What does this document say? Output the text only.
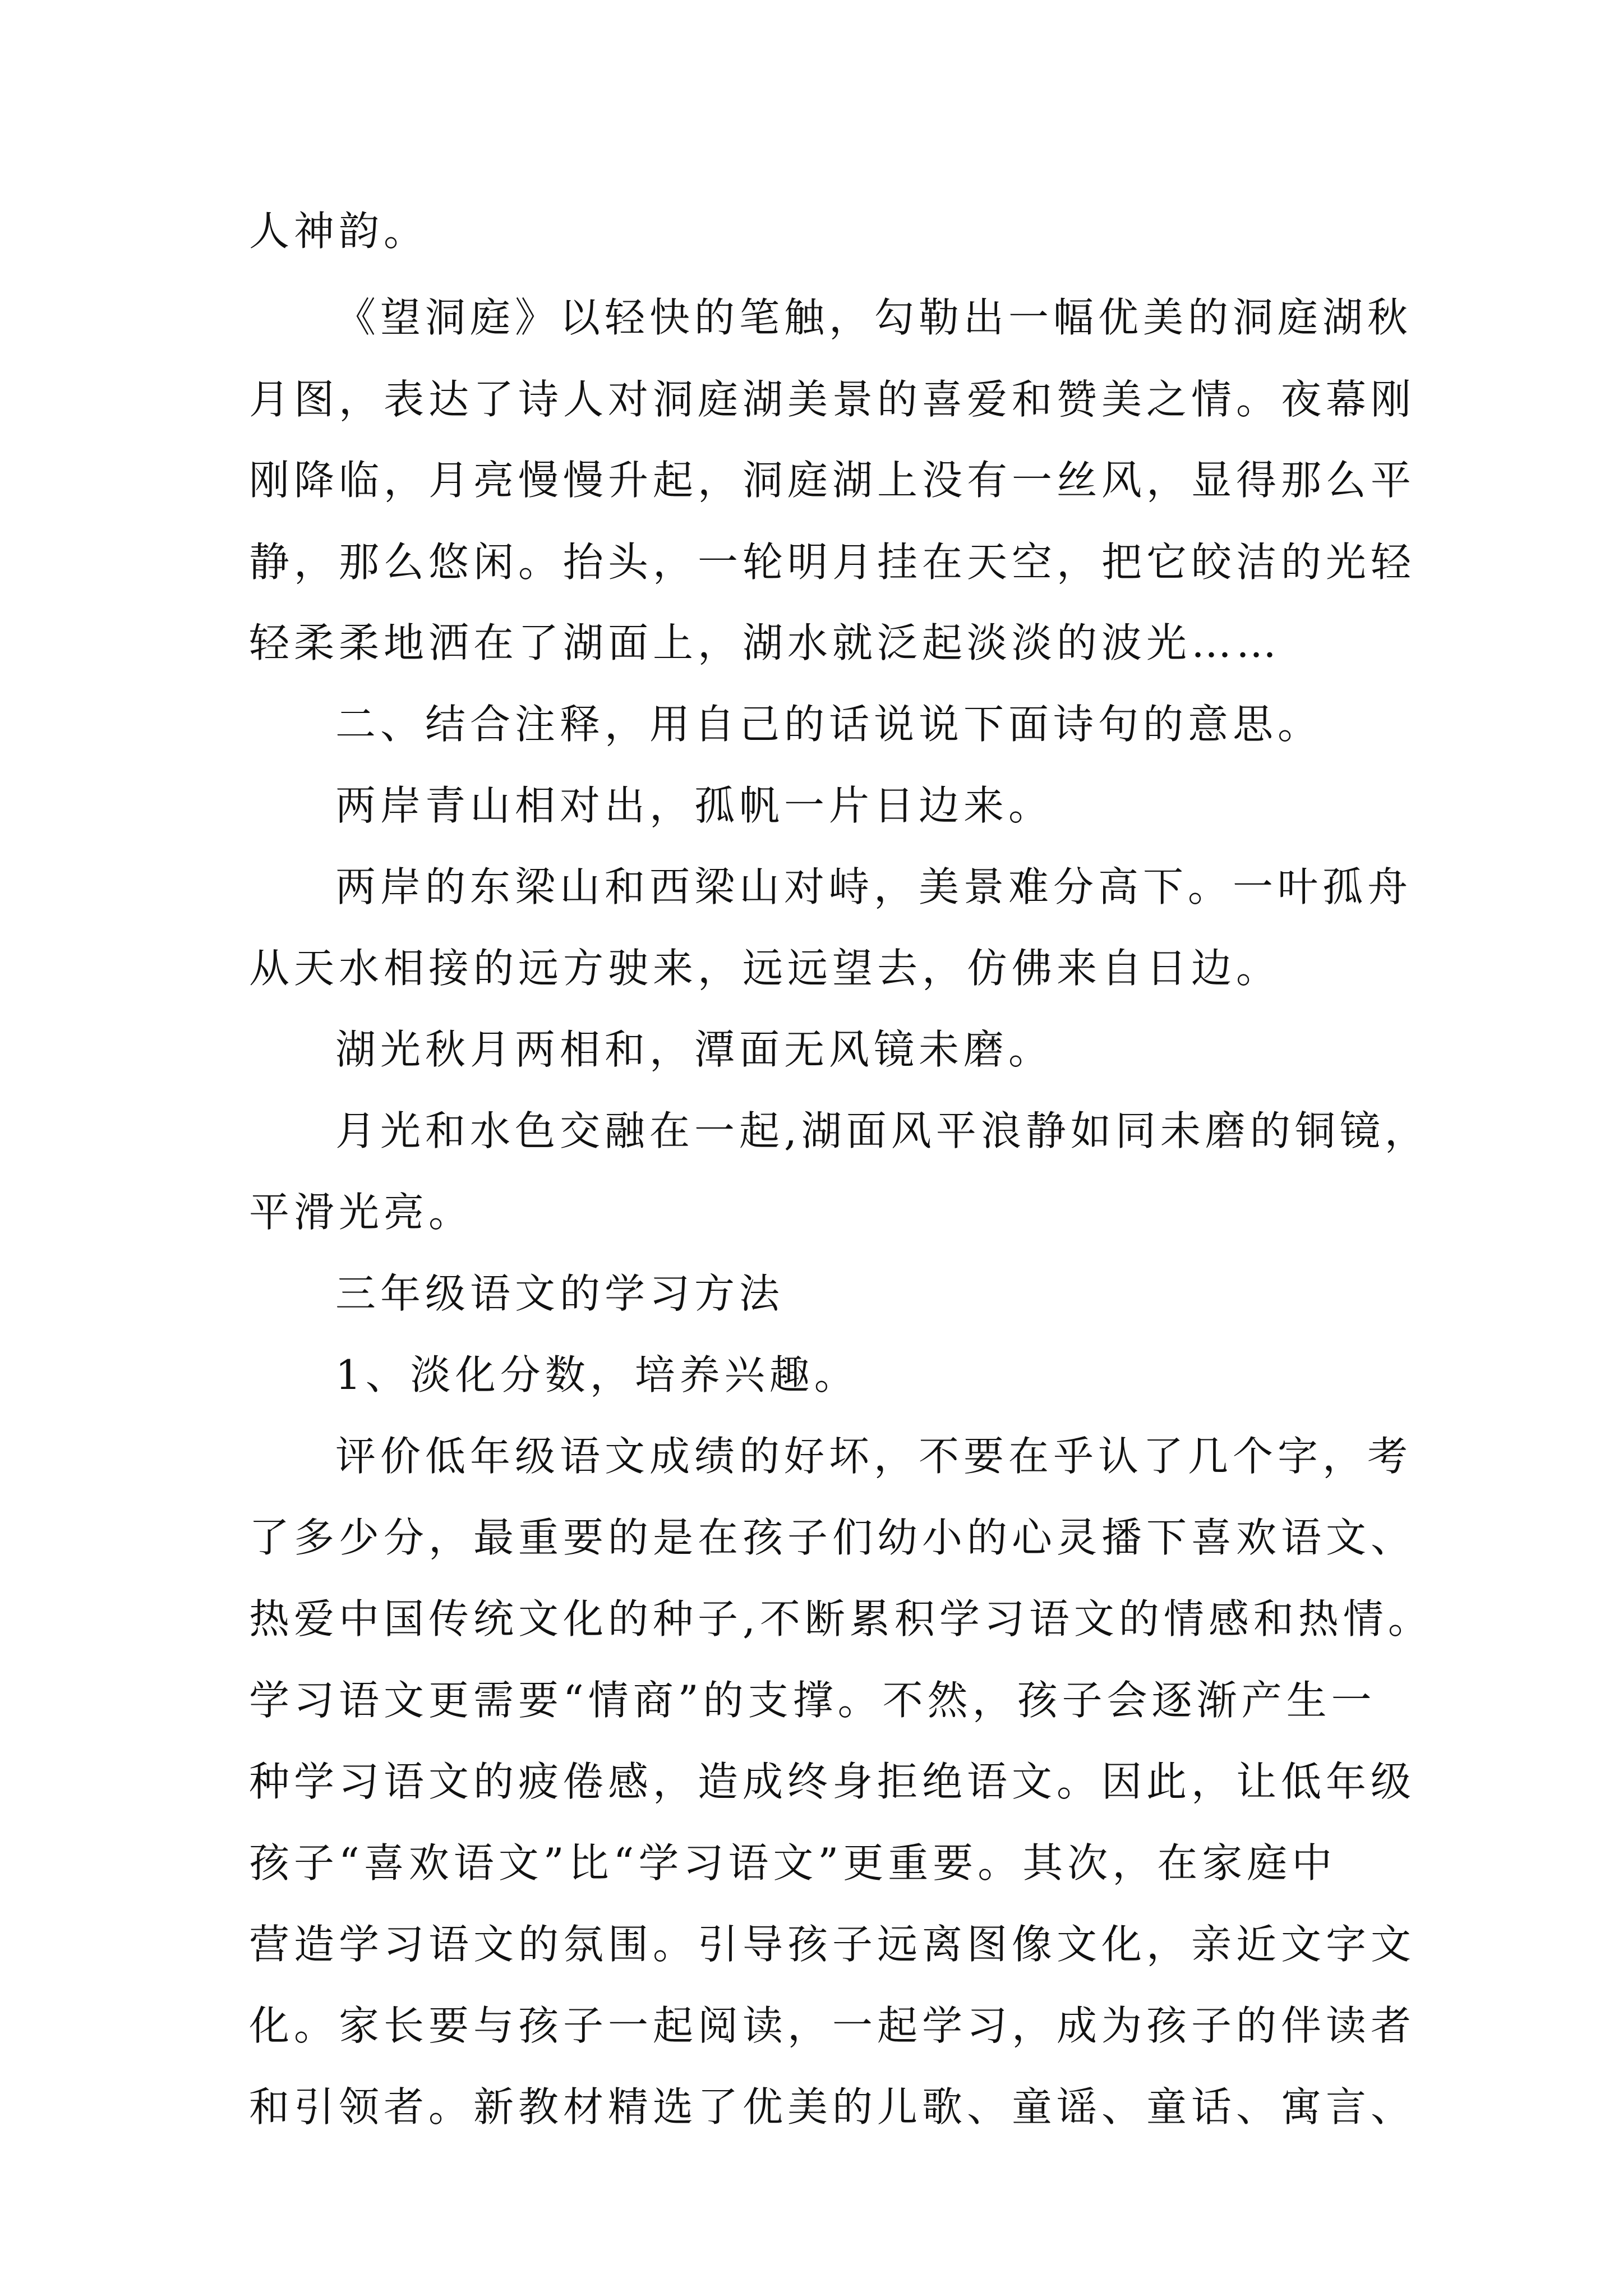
人神韵。

《望洞庭》以轻快的笔触，勾勒出一幅优美的洞庭湖秋

月图，表达了诗人对洞庭湖美景的喜爱和赞美之情。夜幕刚

刚降临，月亮慢慢升起，洞庭湖上没有一丝风，显得那么平

静，那么悠闲。抬头，一轮明月挂在天空，把它皎洁的光轻

轻柔柔地洒在了湖面上，湖水就泛起淡淡的波光……

二、结合注释，用自己的话说说下面诗句的意思。

两岸青山相对出，孤帆一片日边来。

两岸的东梁山和西梁山对峙，美景难分高下。一叶孤舟

从天水相接的远方驶来，远远望去，仿佛来自日边。

湖光秋月两相和，潭面无风镜未磨。

月光和水色交融在一起,湖面风平浪静如同未磨的铜镜，

平滑光亮。

三年级语文的学习方法

1、淡化分数，培养兴趣。

评价低年级语文成绩的好坏，不要在乎认了几个字，考

了多少分，最重要的是在孩子们幼小的心灵播下喜欢语文、

热爱中国传统文化的种子,不断累积学习语文的情感和热情。

学习语文更需要“情商”的支撑。不然，孩子会逐渐产生一

种学习语文的疲倦感，造成终身拒绝语文。因此，让低年级

孩子“喜欢语文”比“学习语文”更重要。其次，在家庭中

营造学习语文的氛围。引导孩子远离图像文化，亲近文字文

化。家长要与孩子一起阅读，一起学习，成为孩子的伴读者

和引领者。新教材精选了优美的儿歌、童谣、童话、寓言、
